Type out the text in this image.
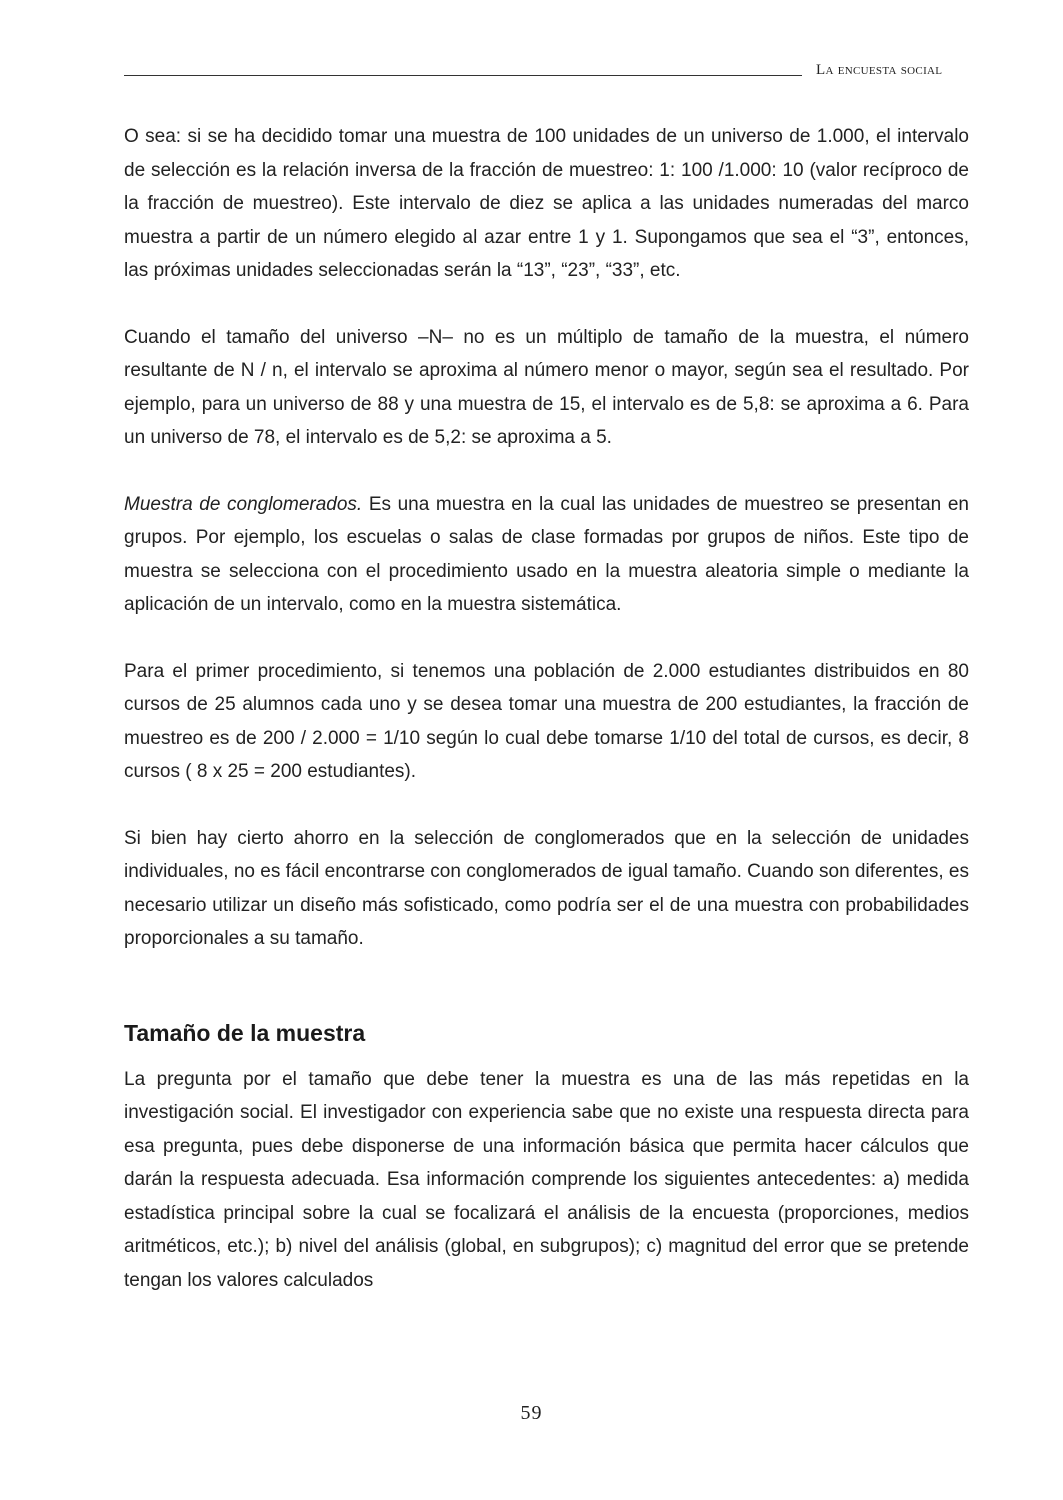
La encuesta social

O sea: si se ha decidido tomar una muestra de 100 unidades de un universo de 1.000, el intervalo de selección es la relación inversa de la fracción de muestreo: 1: 100 /1.000: 10 (valor recíproco de la fracción de muestreo). Este intervalo de diez se aplica a las unidades numeradas del marco muestra a partir de un número elegido al azar entre 1 y 1. Supongamos que sea el “3”, entonces, las próximas unidades seleccionadas serán la “13”, “23”, “33”, etc.

Cuando el tamaño del universo –N– no es un múltiplo de tamaño de la muestra, el número resultante de N / n, el intervalo se aproxima al número menor o mayor, según sea el resultado. Por ejemplo, para un universo de 88 y una muestra de 15, el intervalo es de 5,8: se aproxima a 6. Para un universo de 78, el intervalo es de 5,2: se aproxima a 5.

Muestra de conglomerados. Es una muestra en la cual las unidades de muestreo se presentan en grupos. Por ejemplo, los escuelas o salas de clase formadas por grupos de niños. Este tipo de muestra se selecciona con el procedimiento usado en la muestra aleatoria simple o mediante la aplicación de un intervalo, como en la muestra sistemática.

Para el primer procedimiento, si tenemos una población de 2.000 estudiantes distribuidos en 80 cursos de 25 alumnos cada uno y se desea tomar una muestra de 200 estudiantes, la fracción de muestreo es de 200 / 2.000 = 1/10 según lo cual debe tomarse 1/10 del total de cursos, es decir, 8 cursos ( 8 x 25 = 200 estudiantes).

Si bien hay cierto ahorro en la selección de conglomerados que en la selección de unidades individuales, no es fácil encontrarse con conglomerados de igual tamaño. Cuando son diferentes, es necesario utilizar un diseño más sofisticado, como podría ser el de una muestra con probabilidades proporcionales a su tamaño.

Tamaño de la muestra

La pregunta por el tamaño que debe tener la muestra es una de las más repetidas en la investigación social. El investigador con experiencia sabe que no existe una respuesta directa para esa pregunta, pues debe disponerse de una información básica que permita hacer cálculos que darán la respuesta adecuada. Esa información comprende los siguientes antecedentes: a) medida estadística principal sobre la cual se focalizará el análisis de la encuesta (proporciones, medios aritméticos, etc.); b) nivel del análisis (global, en subgrupos); c) magnitud del error que se pretende tengan los valores calculados

59
